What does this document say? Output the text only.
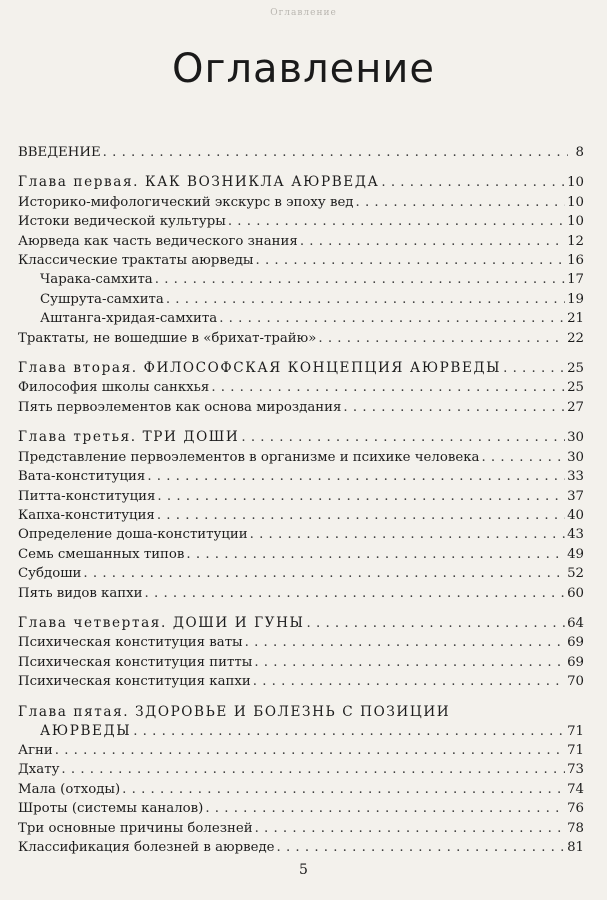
Оглавление
Оглавление
ВВЕДЕНИЕ . . .	8
Глава первая. КАК ВОЗНИКЛА АЮРВЕДА . . .	10
Историко-мифологический экскурс в эпоху вед . . .	10
Истоки ведической культуры . . .	10
Аюрведа как часть ведического знания . . .	12
Классические трактаты аюрведы . . .	16
Чарака-самхита . . .	17
Сушрута-самхита . . .	19
Аштанга-хридая-самхита . . .	21
Трактаты, не вошедшие в «брихат-трайю» . . .	22
Глава вторая. ФИЛОСОФСКАЯ КОНЦЕПЦИЯ АЮРВЕДЫ . . .	25
Философия школы санкхья . . .	25
Пять первоэлементов как основа мироздания . . .	27
Глава третья. ТРИ ДОШИ . . .	30
Представление первоэлементов в организме и психике человека . . .	30
Вата-конституция . . .	33
Питта-конституция . . .	37
Капха-конституция . . .	40
Определение доша-конституции . . .	43
Семь смешанных типов . . .	49
Субдоши . . .	52
Пять видов капхи . . .	60
Глава четвертая. ДОШИ И ГУНЫ . . .	64
Психическая конституция ваты . . .	69
Психическая конституция питты . . .	69
Психическая конституция капхи . . .	70
Глава пятая. ЗДОРОВЬЕ И БОЛЕЗНЬ С ПОЗИЦИИ
АЮРВЕДЫ . . .	71
Агни . . .	71
Дхату . . .	73
Мала (отходы) . . .	74
Шроты (системы каналов) . . .	76
Три основные причины болезней . . .	78
Классификация болезней в аюрведе . . .	81
5
